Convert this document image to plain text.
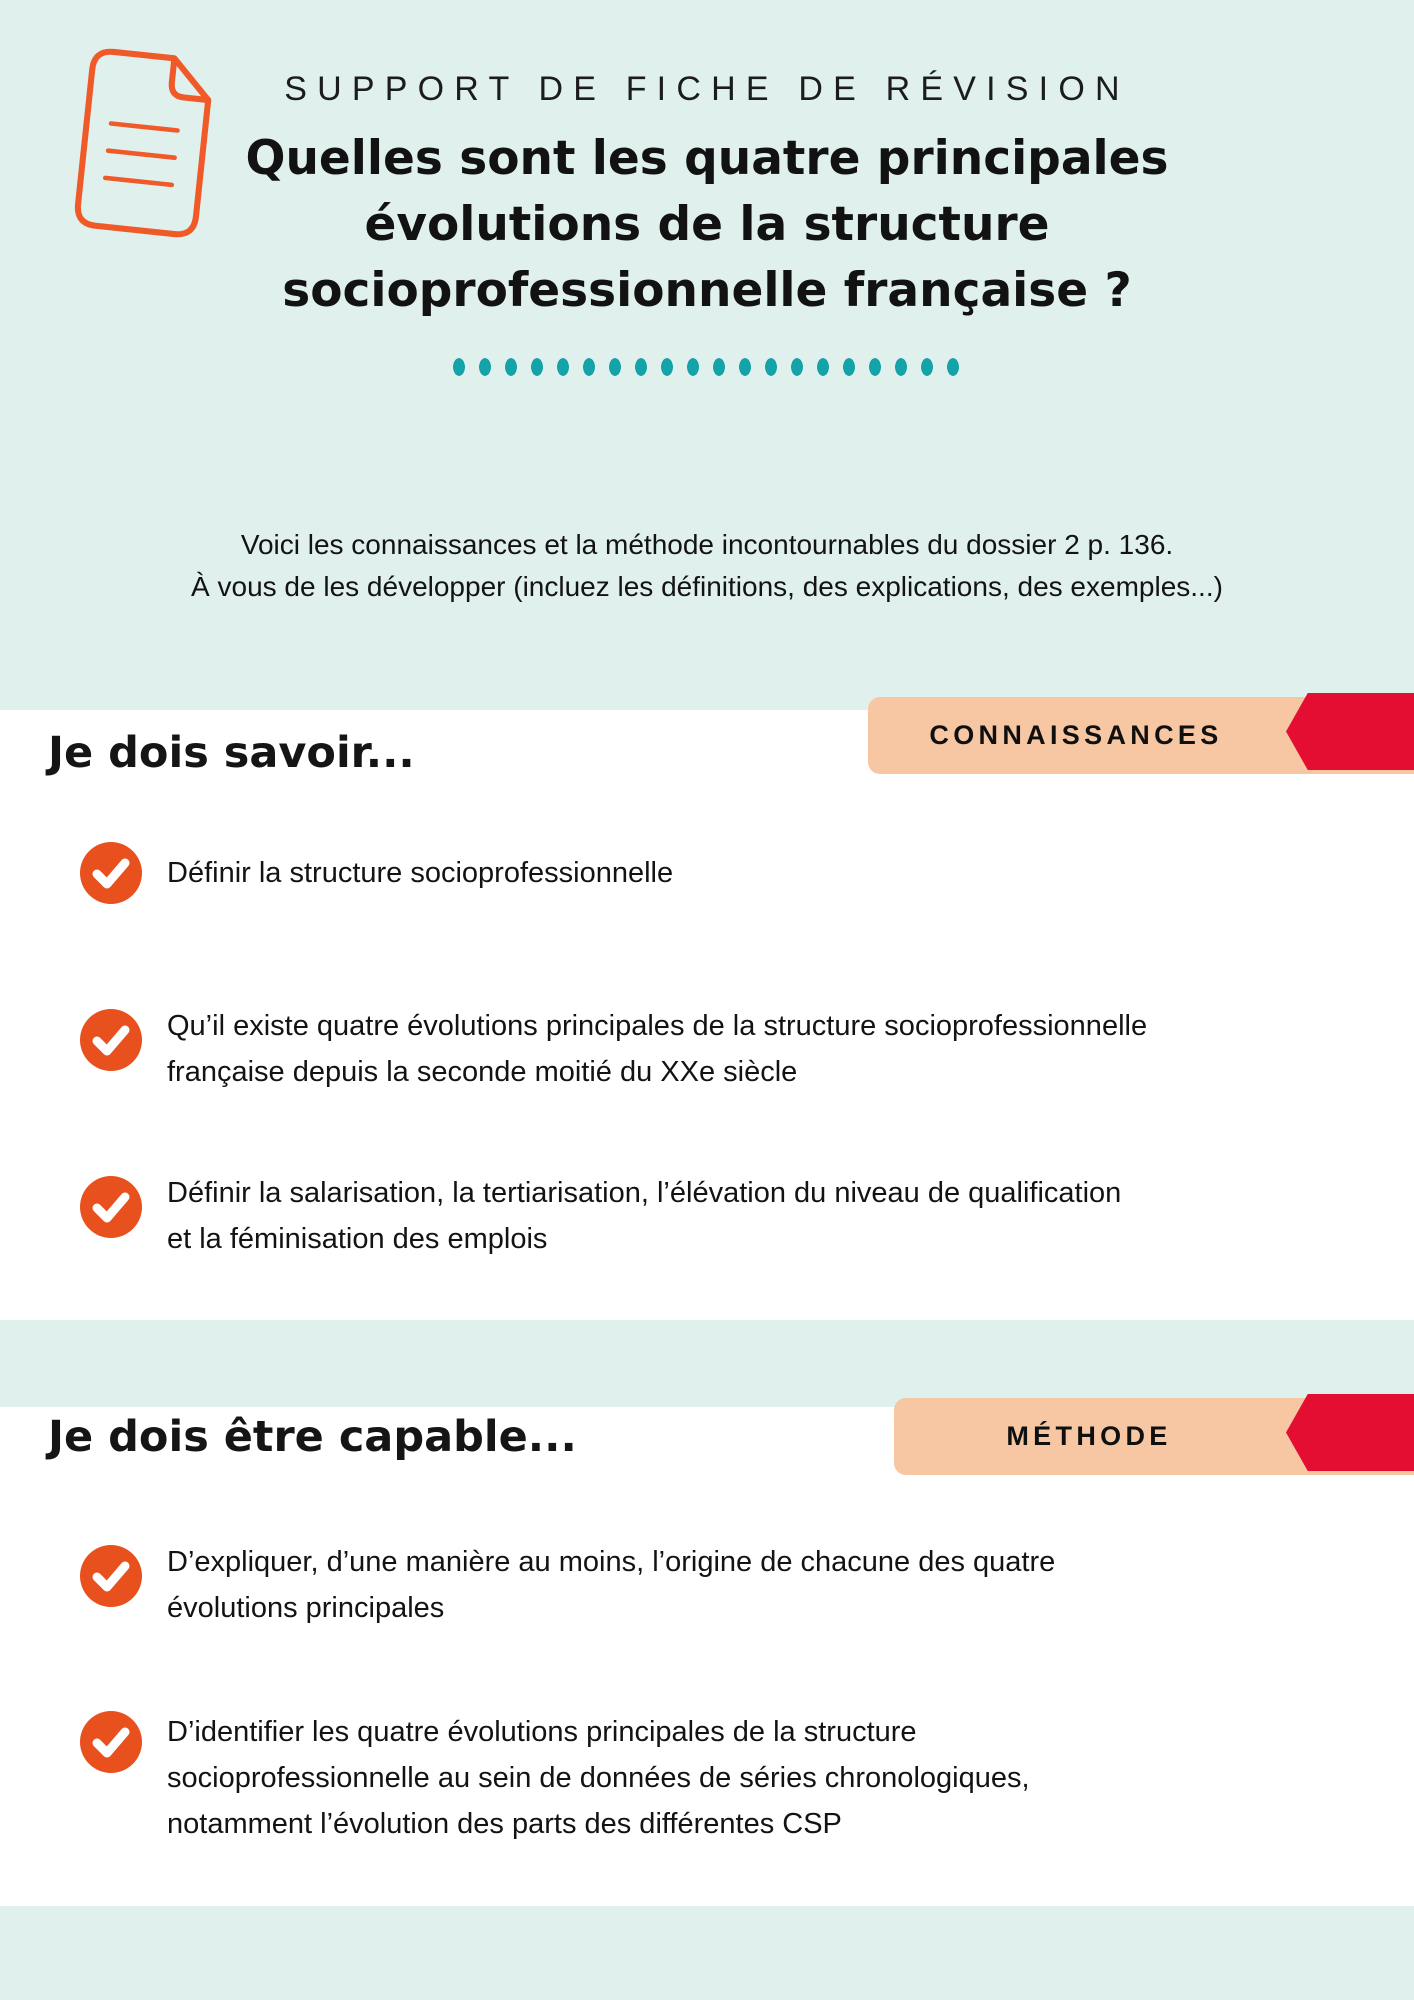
SUPPORT DE FICHE DE RÉVISION
Quelles sont les quatre principales
évolutions de la structure
socioprofessionnelle française ?
Voici les connaissances et la méthode incontournables du dossier 2 p. 136.
À vous de les développer (incluez les définitions, des explications, des exemples...)
Je dois savoir...	CONNAISSANCES
Définir la structure socioprofessionnelle
Qu’il existe quatre évolutions principales de la structure socioprofessionnelle
française depuis la seconde moitié du XXe siècle
Définir la salarisation, la tertiarisation, l’élévation du niveau de qualification
et la féminisation des emplois
Je dois être capable...	MÉTHODE
D’expliquer, d’une manière au moins, l’origine de chacune des quatre
évolutions principales
D’identifier les quatre évolutions principales de la structure
socioprofessionnelle au sein de données de séries chronologiques,
notamment l’évolution des parts des différentes CSP
